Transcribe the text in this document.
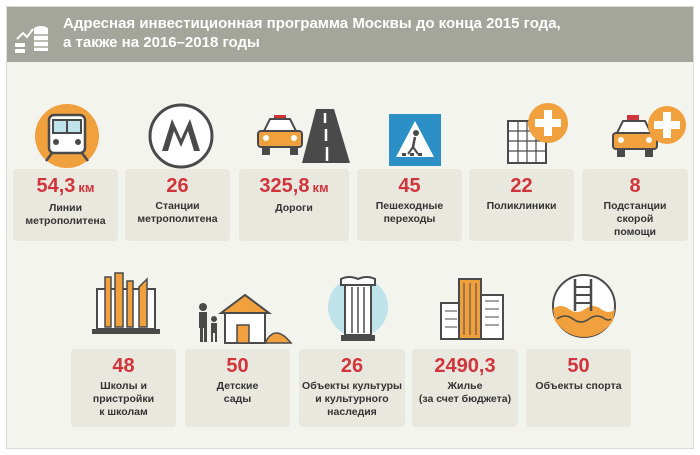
Адресная инвестиционная программа Москвы до конца 2015 года,
а также на 2016–2018 годы
54,3 км
Линии
метрополитена
26
Станции
метрополитена
325,8 км
Дороги
45
Пешеходные
переходы
22
Поликлиники
8
Подстанции
скорой
помощи
48
Школы и
пристройки
к школам
50
Детские
сады
26
Объекты культуры
и культурного
наследия
2490,3
Жилье
(за счет бюджета)
50
Объекты спорта
